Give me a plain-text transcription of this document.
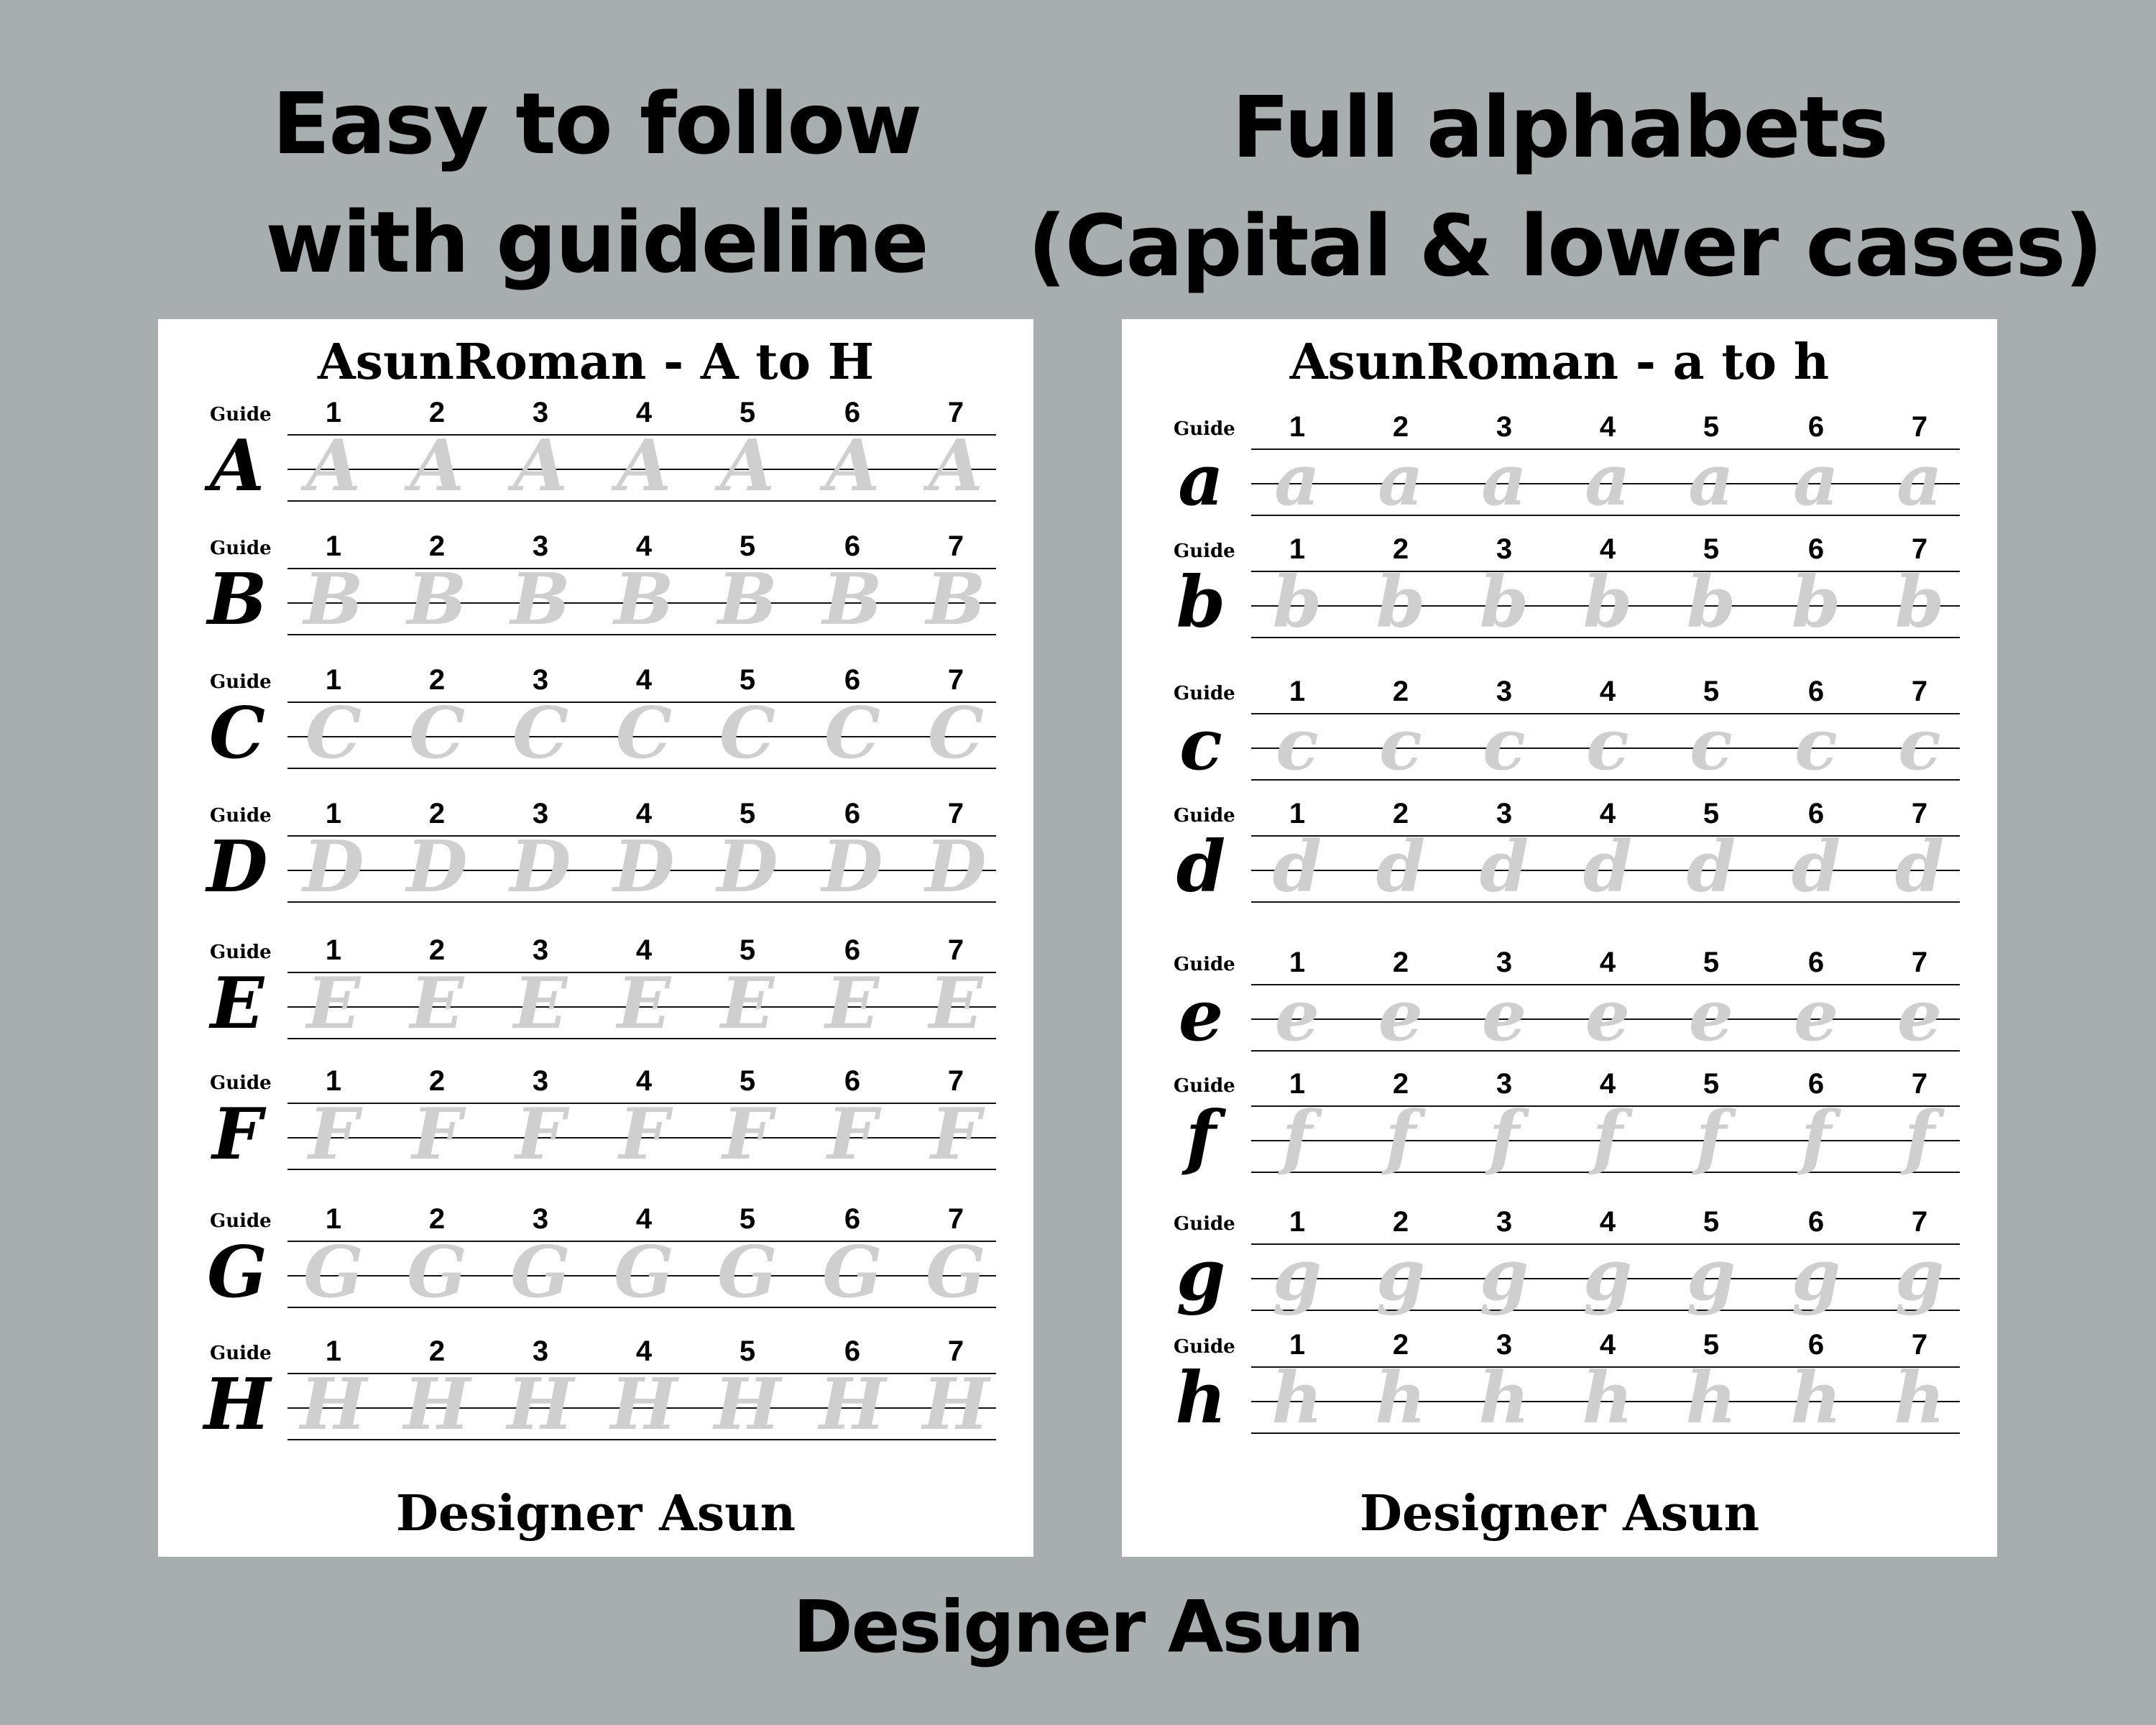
Easy to follow
with guideline
Full alphabets
(Capital & lower cases)
AsunRoman - A to H
Guide
A
1	2	3	4	5	6	7
A A A A A A A
Guide
B
1	2	3	4	5	6	7
B B B B B B B
Guide
C
1	2	3	4	5	6	7
C C C C C C C
Guide
D
1	2	3	4	5	6	7
D D D D D D D
Guide
E
1	2	3	4	5	6	7
E E E E E E E
Guide
F
1	2	3	4	5	6	7
F F F F F F F
Guide
G
1	2	3	4	5	6	7
G G G G G G G
Guide
H
1	2	3	4	5	6	7
H H H H H H H
Designer Asun
AsunRoman - a to h
Guide
a
1	2	3	4	5	6	7
a a a a a a a
Guide
b
1	2	3	4	5	6	7
b b b b b b b
Guide
c
1	2	3	4	5	6	7
c c c c c c c
Guide
d
1	2	3	4	5	6	7
d d d d d d d
Guide
e
1	2	3	4	5	6	7
e e e e e e e
Guide
f
1	2	3	4	5	6	7
f	f	f	f	f	f	f
Guide
g
1	2	3	4	5	6	7
g g g g g g g
Guide
h
1	2	3	4	5	6	7
h h h h h h h
Designer Asun
Designer Asun
